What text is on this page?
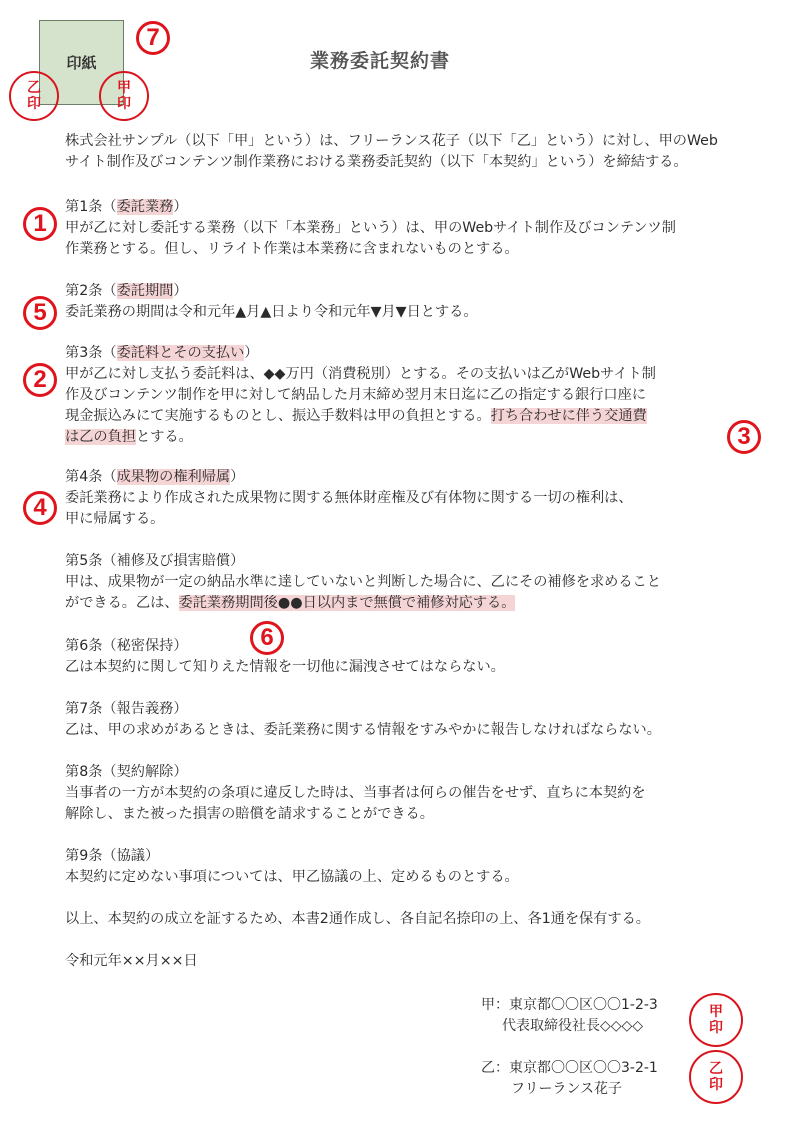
印紙
乙
印
甲
印
7
業務委託契約書
株式会社サンプル（以下「甲」という）は、フリーランス花子（以下「乙」という）に対し、甲のWeb
サイト制作及びコンテンツ制作業務における業務委託契約（以下「本契約」という）を締結する。
1
第1条（委託業務）
甲が乙に対し委託する業務（以下「本業務」という）は、甲のWebサイト制作及びコンテンツ制
作業務とする。但し、リライト作業は本業務に含まれないものとする。
5
第2条（委託期間）
委託業務の期間は令和元年▲月▲日より令和元年▼月▼日とする。
2
第3条（委託料とその支払い）
甲が乙に対し支払う委託料は、◆◆万円（消費税別）とする。その支払いは乙がWebサイト制
作及びコンテンツ制作を甲に対して納品した月末締め翌月末日迄に乙の指定する銀行口座に
現金振込みにて実施するものとし、振込手数料は甲の負担とする。打ち合わせに伴う交通費
は乙の負担とする。	3
4
第4条（成果物の権利帰属）
委託業務により作成された成果物に関する無体財産権及び有体物に関する一切の権利は、
甲に帰属する。
第5条（補修及び損害賠償）
甲は、成果物が一定の納品水準に達していないと判断した場合に、乙にその補修を求めること
ができる。乙は、委託業務期間後●●日以内まで無償で補修対応する。
6
第6条（秘密保持）
乙は本契約に関して知りえた情報を一切他に漏洩させてはならない。
第7条（報告義務）
乙は、甲の求めがあるときは、委託業務に関する情報をすみやかに報告しなければならない。
第8条（契約解除）
当事者の一方が本契約の条項に違反した時は、当事者は何らの催告をせず、直ちに本契約を
解除し、また被った損害の賠償を請求することができる。
第9条（協議）
本契約に定めない事項については、甲乙協議の上、定めるものとする。
以上、本契約の成立を証するため、本書2通作成し、各自記名捺印の上、各1通を保有する。
令和元年××月××日
甲：東京都〇〇区〇〇1-2-3
代表取締役社長◇◇◇◇
甲
印
乙：東京都〇〇区〇〇3-2-1
フリーランス花子
乙
印
